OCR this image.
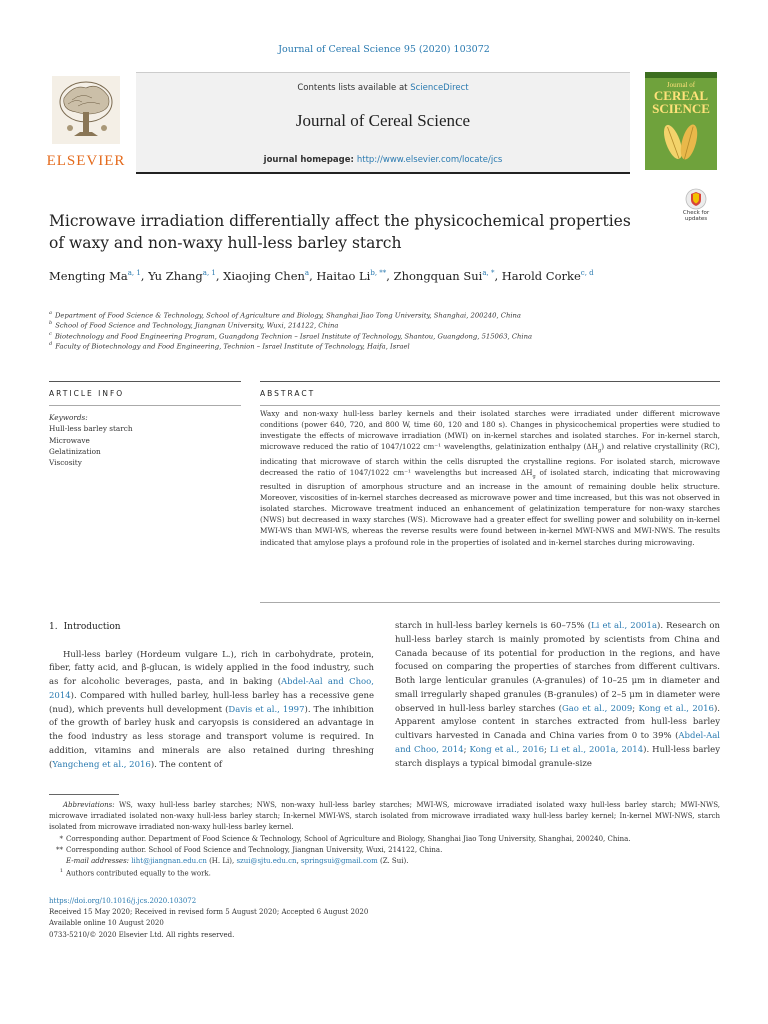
Journal of Cereal Science 95 (2020) 103072
ELSEVIER
Contents lists available at ScienceDirect
Journal of Cereal Science
journal homepage: http://www.elsevier.com/locate/jcs
Journal of
CEREAL
SCIENCE
Check for updates
Microwave irradiation differentially affect the physicochemical properties of waxy and non-waxy hull-less barley starch
Mengting Ma$^{a, 1}$, Yu Zhang$^{a, 1}$, Xiaojing Chen$^a$, Haitao $Li^{b, **}$, Zhongquan Sui$^{a, *}$, Harold Corke$^{c, d}$
$^a$ Department of Food Science & Technology, School of Agriculture and Biology, Shanghai Jiao Tong University, Shanghai, 200240, China
$^b$ School of Food Science and Technology, Jiangnan University, Wuxi, 214122, China
$^c$ Biotechnology and Food Engineering Program, Guangdong Technion – Israel Institute of Technology, Shantou, Guangdong, 515063, China
$^d$ Faculty of Biotechnology and Food Engineering, Technion – Israel Institute of Technology, Haifa, Israel
ARTICLE INFO	ABSTRACT
Keywords:
Hull-less barley starch
Microwave
Gelatinization
Viscosity
Waxy and non-waxy hull-less barley kernels and their isolated starches were irradiated under different microwave conditions (power 640, 720, and 800 W, time 60, 120 and 180 s). Changes in physicochemical properties were studied to investigate the effects of microwave irradiation (MWI) on in-kernel starches and isolated starches. For in-kernel starch, microwave reduced the ratio of 1047/1022 cm⁻¹ wavelengths, gelatinization enthalpy $(\Delta H_g)$ and relative crystallinity (RC), indicating that microwave of starch within the cells disrupted the crystalline regions. For isolated starch, microwave decreased the ratio of 1047/1022 cm⁻¹ wavelengths but increased $\Delta H_g$ of isolated starch, indicating that microwaving resulted in disruption of amorphous structure and an increase in the amount of remaining double helix structure. Moreover, viscosities of in-kernel starches decreased as microwave power and time increased, but this was not observed in isolated starches. Microwave treatment induced an enhancement of gelatinization temperature for non-waxy starches (NWS) but decreased in waxy starches (WS). Microwave had a greater effect for swelling power and solubility on in-kernel MWI-WS than MWI-WS, whereas the reverse results were found between in-kernel MWI-NWS and MWI-NWS. The results indicated that amylose plays a profound role in the properties of isolated and in-kernel starches during microwaving.
1. Introduction

Hull-less barley (Hordeum vulgare L.), rich in carbohydrate, protein, fiber, fatty acid, and β-glucan, is widely applied in the food industry, such as for alcoholic beverages, pasta, and in baking (Abdel-Aal and Choo, 2014). Compared with hulled barley, hull-less barley has a recessive gene (nud), which prevents hull development (Davis et al., 1997). The inhibition of the growth of barley husk and caryopsis is considered an advantage in the food industry as less storage and transport volume is required. In addition, vitamins and minerals are also retained during threshing (Yangcheng et al., 2016). The content of

starch in hull-less barley kernels is 60–75% (Li et al., 2001a). Research on hull-less barley starch is mainly promoted by scientists from China and Canada because of its potential for production in the regions, and have focused on comparing the properties of starches from different cultivars. Both large lenticular granules (A-granules) of 10–25 μm in diameter and small irregularly shaped granules (B-granules) of 2–5 μm in diameter were observed in hull-less barley starches (Gao et al., 2009; Kong et al., 2016). Apparent amylose content in starches extracted from hull-less barley cultivars harvested in Canada and China varies from 0 to 39% (Abdel-Aal and Choo, 2014; Kong et al., 2016; Li et al., 2001a, 2014). Hull-less barley starch displays a typical bimodal granule-size

Abbreviations: WS, waxy hull-less barley starches; NWS, non-waxy hull-less barley starches; MWI-WS, microwave irradiated isolated waxy hull-less barley starch; MWI-NWS, microwave irradiated isolated non-waxy hull-less barley starch; In-kernel MWI-WS, starch isolated from microwave irradiated waxy hull-less barley kernel; In-kernel MWI-NWS, starch isolated from microwave irradiated non-waxy hull-less barley kernel.
* Corresponding author. Department of Food Science & Technology, School of Agriculture and Biology, Shanghai Jiao Tong University, Shanghai, 200240, China.
** Corresponding author. School of Food Science and Technology, Jiangnan University, Wuxi, 214122, China.
E-mail addresses: liht@jiangnan.edu.cn (H. Li), szui@sjtu.edu.cn, springsui@gmail.com (Z. Sui).
1 Authors contributed equally to the work.
https://doi.org/10.1016/j.jcs.2020.103072
Received 15 May 2020; Received in revised form 5 August 2020; Accepted 6 August 2020
Available online 10 August 2020
0733-5210/© 2020 Elsevier Ltd. All rights reserved.
